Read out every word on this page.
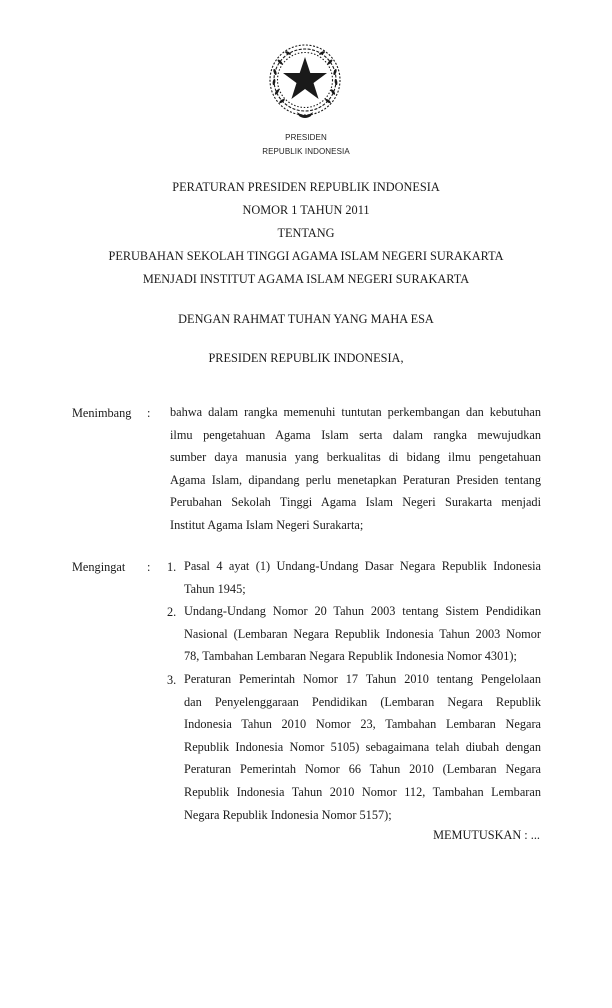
PRESIDEN
REPUBLIK INDONESIA
PERATURAN PRESIDEN REPUBLIK INDONESIA
NOMOR 1 TAHUN 2011
TENTANG
PERUBAHAN SEKOLAH TINGGI AGAMA ISLAM NEGERI SURAKARTA
MENJADI INSTITUT AGAMA ISLAM NEGERI SURAKARTA
DENGAN RAHMAT TUHAN YANG MAHA ESA
PRESIDEN REPUBLIK INDONESIA,
Menimbang : bahwa dalam rangka memenuhi tuntutan perkembangan dan kebutuhan
ilmu pengetahuan Agama Islam serta dalam rangka mewujudkan
sumber daya manusia yang berkualitas di bidang ilmu pengetahuan
Agama Islam, dipandang perlu menetapkan Peraturan Presiden tentang
Perubahan Sekolah Tinggi Agama Islam Negeri Surakarta menjadi
Institut Agama Islam Negeri Surakarta;
Mengingat : 1. Pasal 4 ayat (1) Undang-Undang Dasar Negara Republik Indonesia
Tahun 1945;
2. Undang-Undang Nomor 20 Tahun 2003 tentang Sistem Pendidikan
Nasional (Lembaran Negara Republik Indonesia Tahun 2003 Nomor
78, Tambahan Lembaran Negara Republik Indonesia Nomor 4301);
3. Peraturan Pemerintah Nomor 17 Tahun 2010 tentang Pengelolaan
dan Penyelenggaraan Pendidikan (Lembaran Negara Republik
Indonesia Tahun 2010 Nomor 23, Tambahan Lembaran Negara
Republik Indonesia Nomor 5105) sebagaimana telah diubah dengan
Peraturan Pemerintah Nomor 66 Tahun 2010 (Lembaran Negara
Republik Indonesia Tahun 2010 Nomor 112, Tambahan Lembaran
Negara Republik Indonesia Nomor 5157);
MEMUTUSKAN : ...
